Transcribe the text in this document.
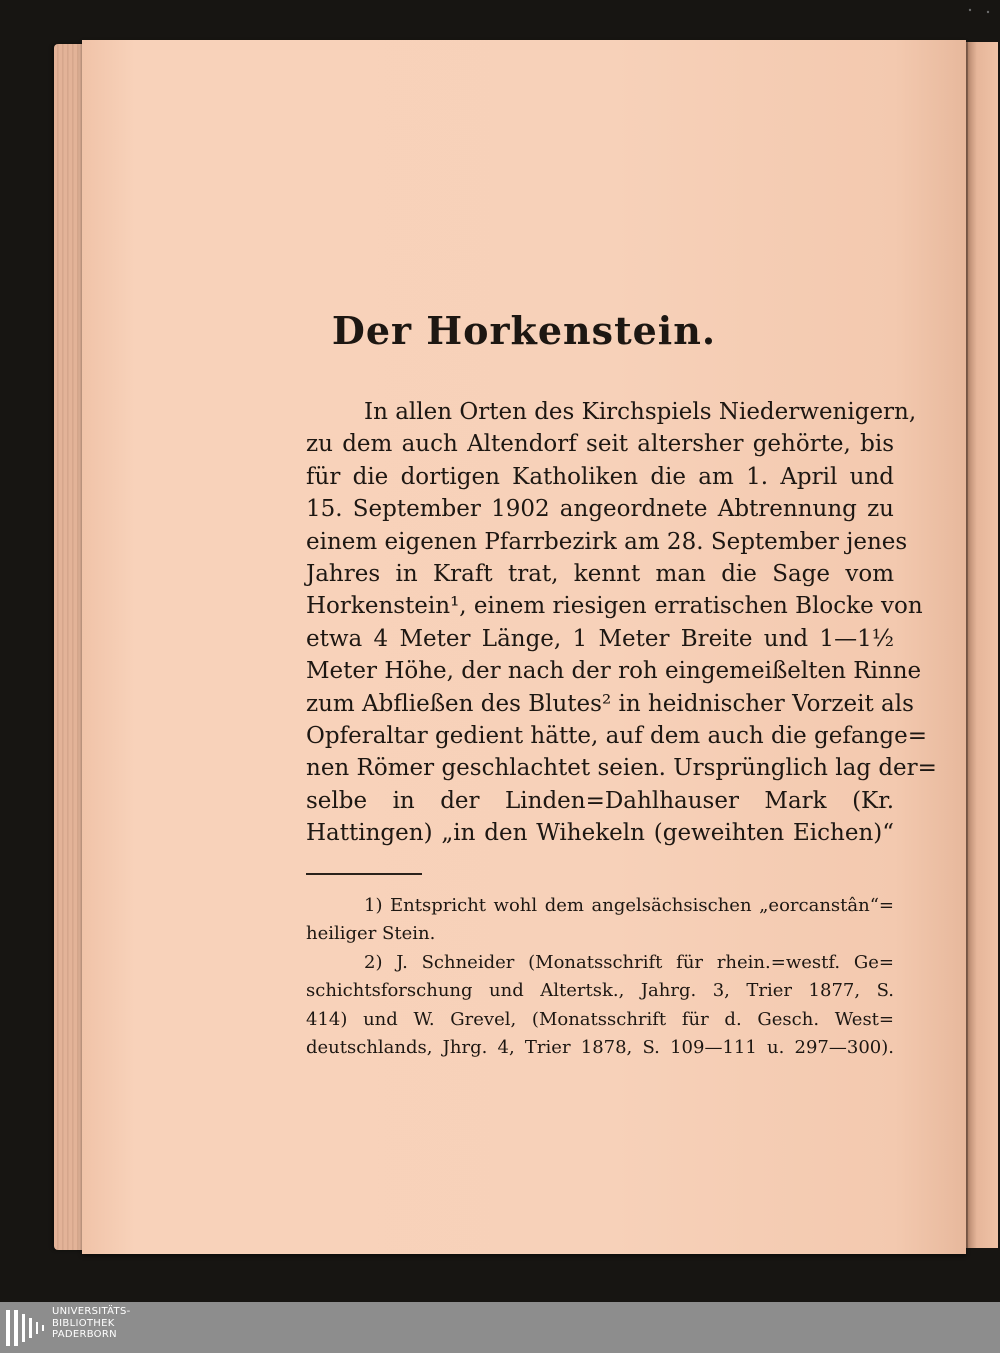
Der Horkenstein.
In allen Orten des Kirchspiels Niederwenigern,
zu dem auch Altendorf seit altersher gehörte, bis
für die dortigen Katholiken die am 1. April und
15. September 1902 angeordnete Abtrennung zu
einem eigenen Pfarrbezirk am 28. September jenes
Jahres in Kraft trat, kennt man die Sage vom
Horkenstein¹, einem riesigen erratischen Blocke von
etwa 4 Meter Länge, 1 Meter Breite und 1—1½
Meter Höhe, der nach der roh eingemeißelten Rinne
zum Abfließen des Blutes² in heidnischer Vorzeit als
Opferaltar gedient hätte, auf dem auch die gefange=
nen Römer geschlachtet seien. Ursprünglich lag der=
selbe in der Linden=Dahlhauser Mark (Kr.
Hattingen) „in den Wihekeln (geweihten Eichen)“
1) Entspricht wohl dem angelsächsischen „eorcanstân“=
heiliger Stein.
2) J. Schneider (Monatsschrift für rhein.=westf. Ge=
schichtsforschung und Altertsk., Jahrg. 3, Trier 1877, S.
414) und W. Grevel, (Monatsschrift für d. Gesch. West=
deutschlands, Jhrg. 4, Trier 1878, S. 109—111 u. 297—300).
UNIVERSITÄTS-
BIBLIOTHEK
PADERBORN
